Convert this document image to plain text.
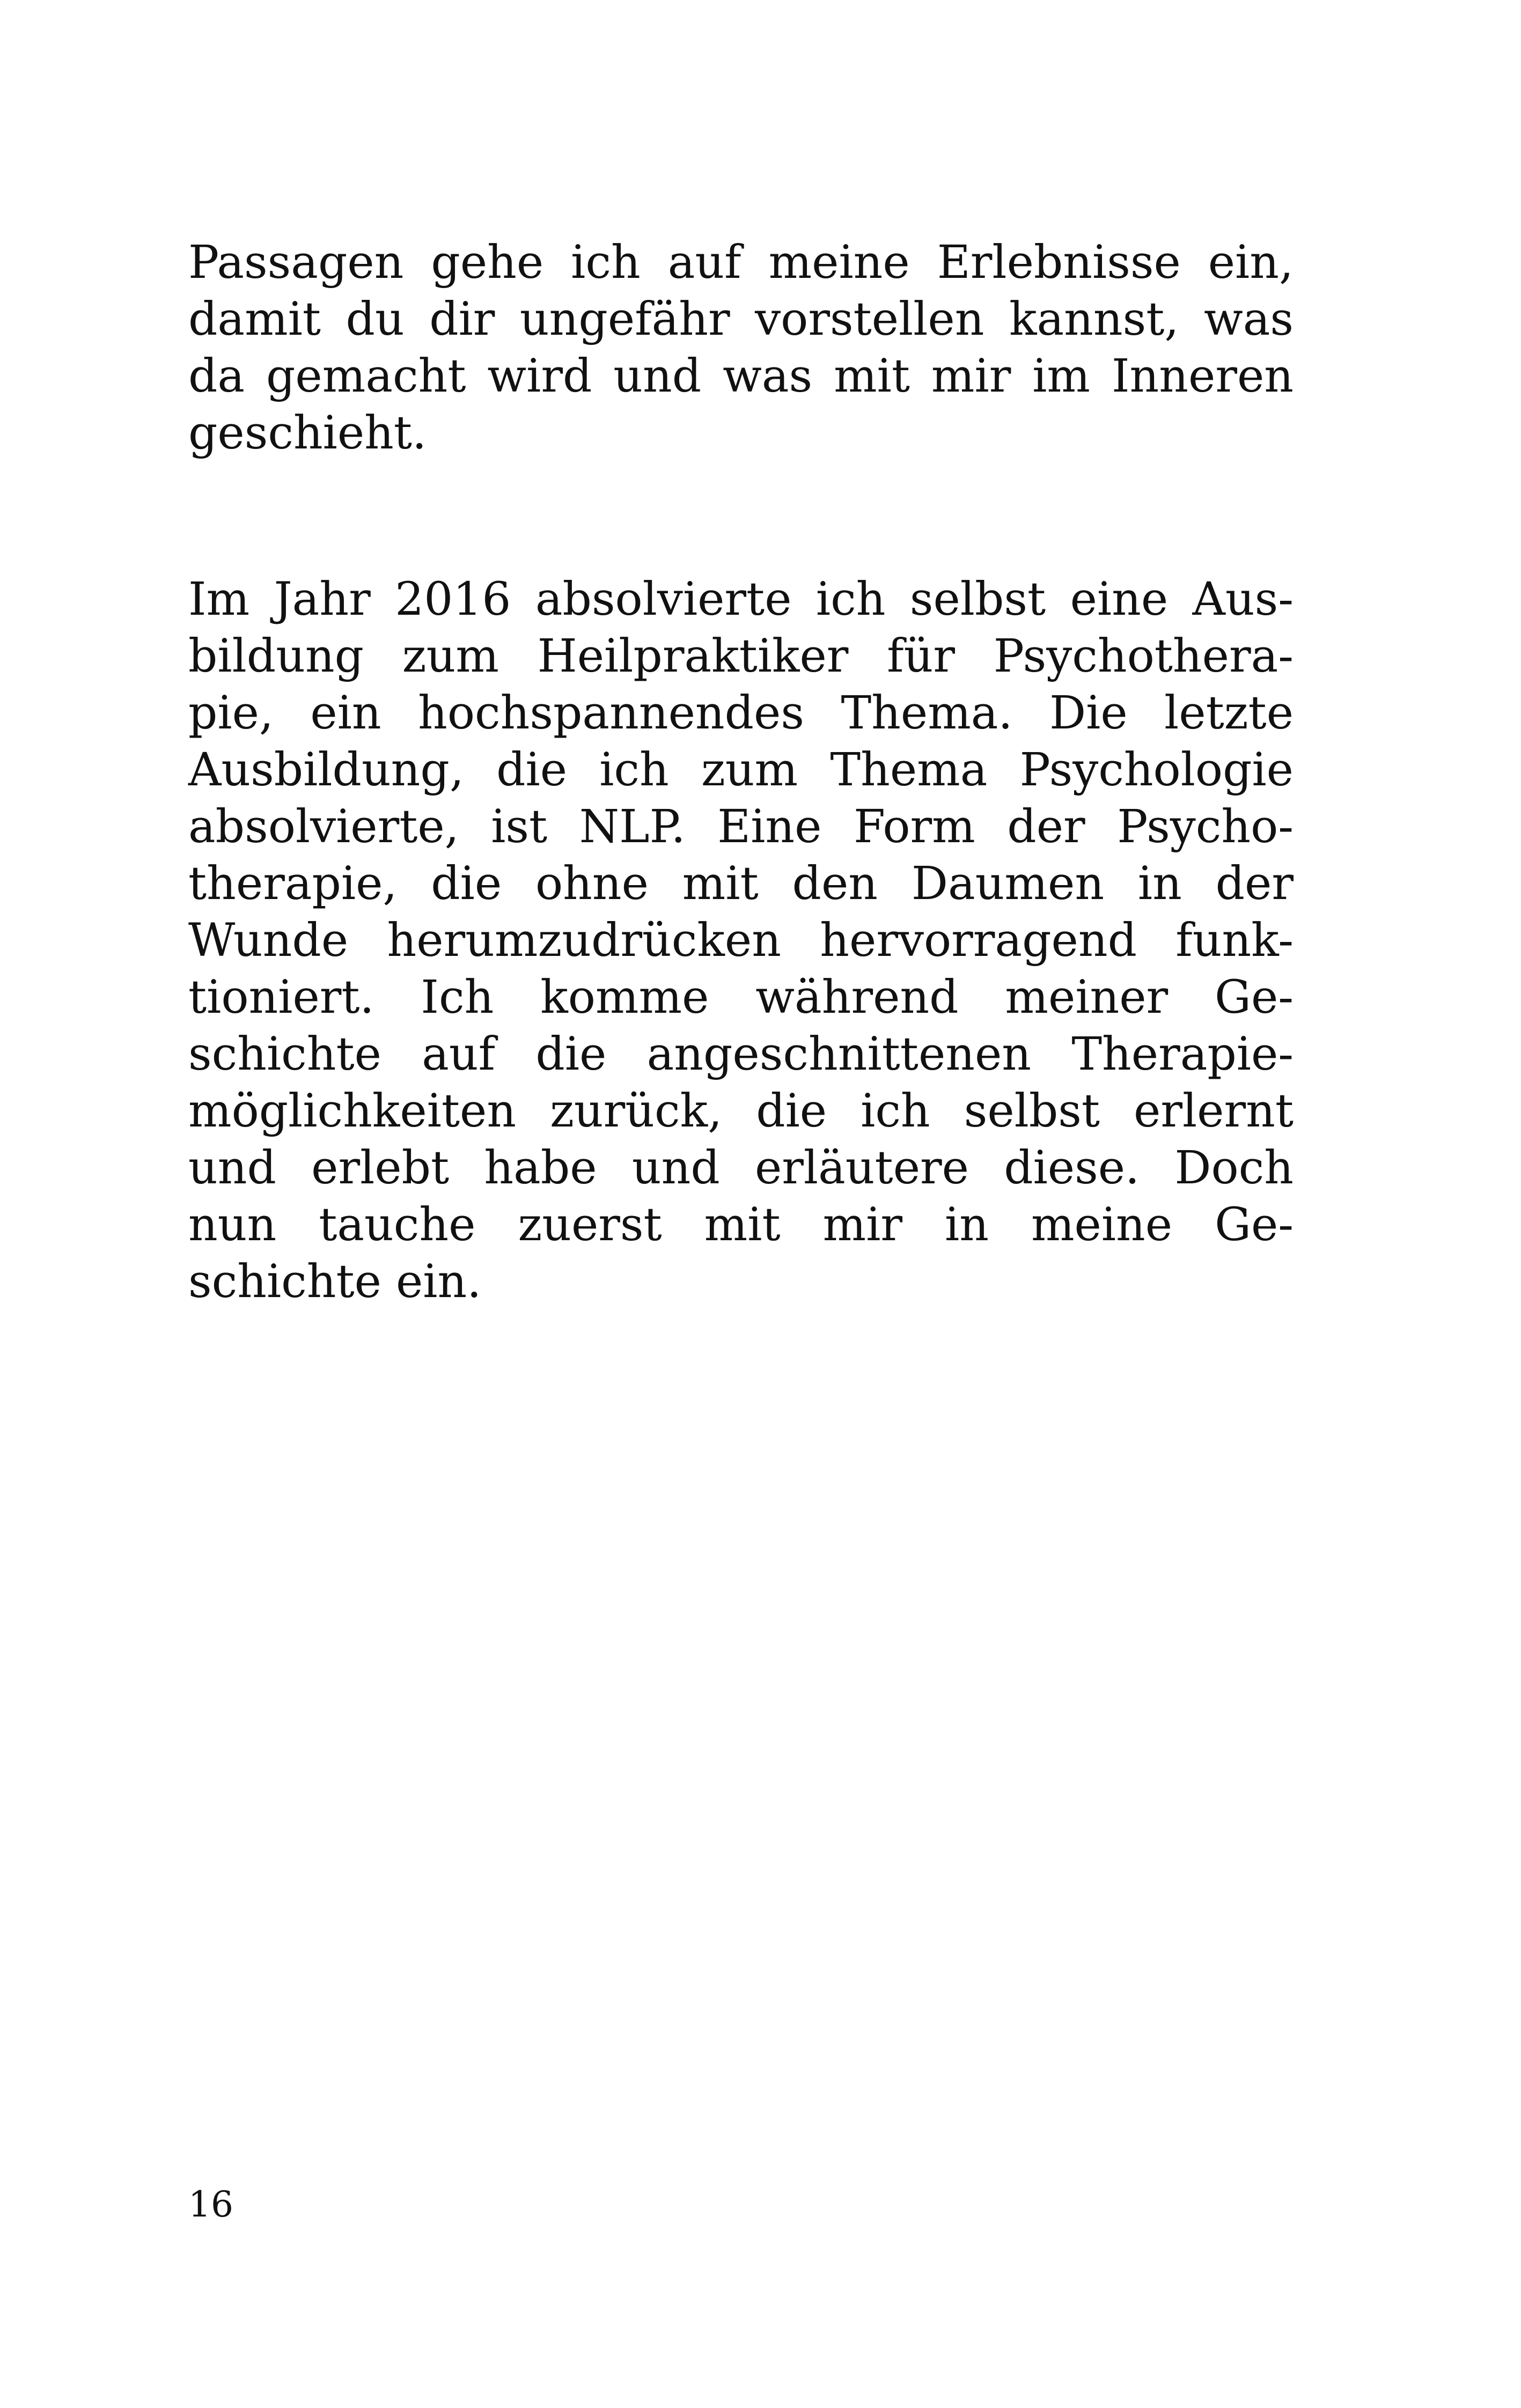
Passagen gehe ich auf meine Erlebnisse ein,
damit du dir ungefähr vorstellen kannst, was
da gemacht wird und was mit mir im Inneren
geschieht.
Im Jahr 2016 absolvierte ich selbst eine Aus-
bildung zum Heilpraktiker für Psychothera-
pie, ein hochspannendes Thema. Die letzte
Ausbildung, die ich zum Thema Psychologie
absolvierte, ist NLP. Eine Form der Psycho-
therapie, die ohne mit den Daumen in der
Wunde herumzudrücken hervorragend funk-
tioniert. Ich komme während meiner Ge-
schichte auf die angeschnittenen Therapie-
möglichkeiten zurück, die ich selbst erlernt
und erlebt habe und erläutere diese. Doch
nun tauche zuerst mit mir in meine Ge-
schichte ein.
16
